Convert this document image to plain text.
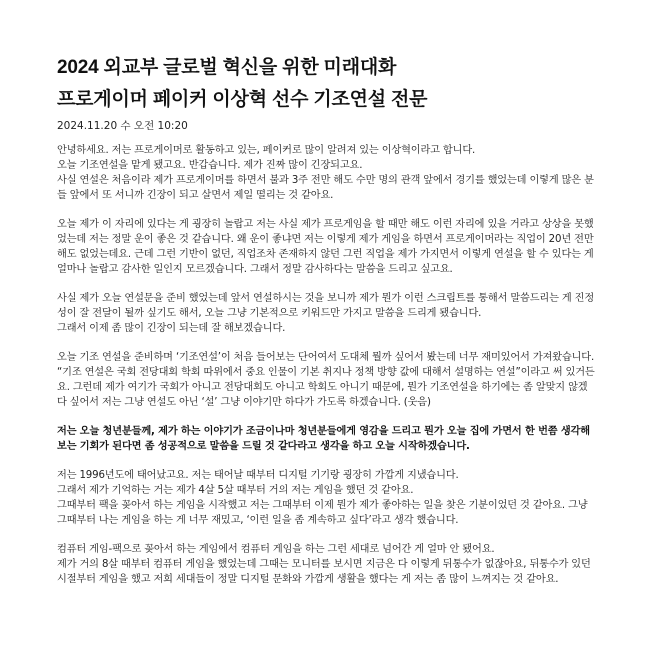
2024 외교부 글로벌 혁신을 위한 미래대화
프로게이머 페이커 이상혁 선수 기조연설 전문
2024.11.20 수 오전 10:20
안녕하세요. 저는 프로게이머로 활동하고 있는, 페이커로 많이 알려져 있는 이상혁이라고 합니다.
오늘 기조연설을 맡게 됐고요. 반갑습니다. 제가 진짜 많이 긴장되고요.
사실 연설은 처음이라 제가 프로게이머를 하면서 불과 3주 전만 해도 수만 명의 관객 앞에서 경기를 했었는데 이렇게 많은 분
들 앞에서 또 서니까 긴장이 되고 살면서 제일 떨리는 것 같아요.
오늘 제가 이 자리에 있다는 게 굉장히 놀랍고 저는 사실 제가 프로게임을 할 때만 해도 이런 자리에 있을 거라고 상상을 못했
었는데 저는 정말 운이 좋은 것 같습니다. 왜 운이 좋냐면 저는 이렇게 제가 게임을 하면서 프로게이머라는 직업이 20년 전만
해도 없었는데요. 근데 그런 기반이 없던, 직업조차 존재하지 않던 그런 직업을 제가 가지면서 이렇게 연설을 할 수 있다는 게
얼마나 놀랍고 감사한 일인지 모르겠습니다. 그래서 정말 감사하다는 말씀을 드리고 싶고요.
사실 제가 오늘 연설문을 준비 했었는데 앞서 연설하시는 것을 보니까 제가 뭔가 이런 스크립트를 통해서 말씀드리는 게 진정
성이 잘 전달이 될까 싶기도 해서, 오늘 그냥 기본적으로 키워드만 가지고 말씀을 드리게 됐습니다.
그래서 이제 좀 많이 긴장이 되는데 잘 해보겠습니다.
오늘 기조 연설을 준비하며 ‘기조연설’이 처음 들어보는 단어여서 도대체 뭘까 싶어서 봤는데 너무 재미있어서 가져왔습니다.
“기조 연설은 국회 전당대회 학회 따위에서 중요 인물이 기본 취지나 정책 방향 값에 대해서 설명하는 연설”이라고 써 있거든
요. 그런데 제가 여기가 국회가 아니고 전당대회도 아니고 학회도 아니기 때문에, 뭔가 기조연설을 하기에는 좀 알맞지 않겠
다 싶어서 저는 그냥 연설도 아닌 ‘설’ 그냥 이야기만 하다가 가도록 하겠습니다. (웃음)
저는 오늘 청년분들께, 제가 하는 이야기가 조금이나마 청년분들에게 영감을 드리고 뭔가 오늘 집에 가면서 한 번쯤 생각해
보는 기회가 된다면 좀 성공적으로 말씀을 드릴 것 같다라고 생각을 하고 오늘 시작하겠습니다.
저는 1996년도에 태어났고요. 저는 태어날 때부터 디지털 기기랑 굉장히 가깝게 지냈습니다.
그래서 제가 기억하는 거는 제가 4살 5살 때부터 거의 저는 게임을 했던 것 같아요.
그때부터 팩을 꽂아서 하는 게임을 시작했고 저는 그때부터 이제 뭔가 제가 좋아하는 일을 찾은 기분이었던 것 같아요. 그냥
그때부터 나는 게임을 하는 게 너무 재밌고, ‘이런 일을 좀 계속하고 싶다’라고 생각 했습니다.
컴퓨터 게임-팩으로 꽂아서 하는 게임에서 컴퓨터 게임을 하는 그런 세대로 넘어간 게 얼마 안 됐어요.
제가 거의 8살 때부터 컴퓨터 게임을 했었는데 그때는 모니터를 보시면 지금은 다 이렇게 뒤통수가 없잖아요, 뒤통수가 있던
시절부터 게임을 했고 저희 세대들이 정말 디지털 문화와 가깝게 생활을 했다는 게 저는 좀 많이 느껴지는 것 같아요.
